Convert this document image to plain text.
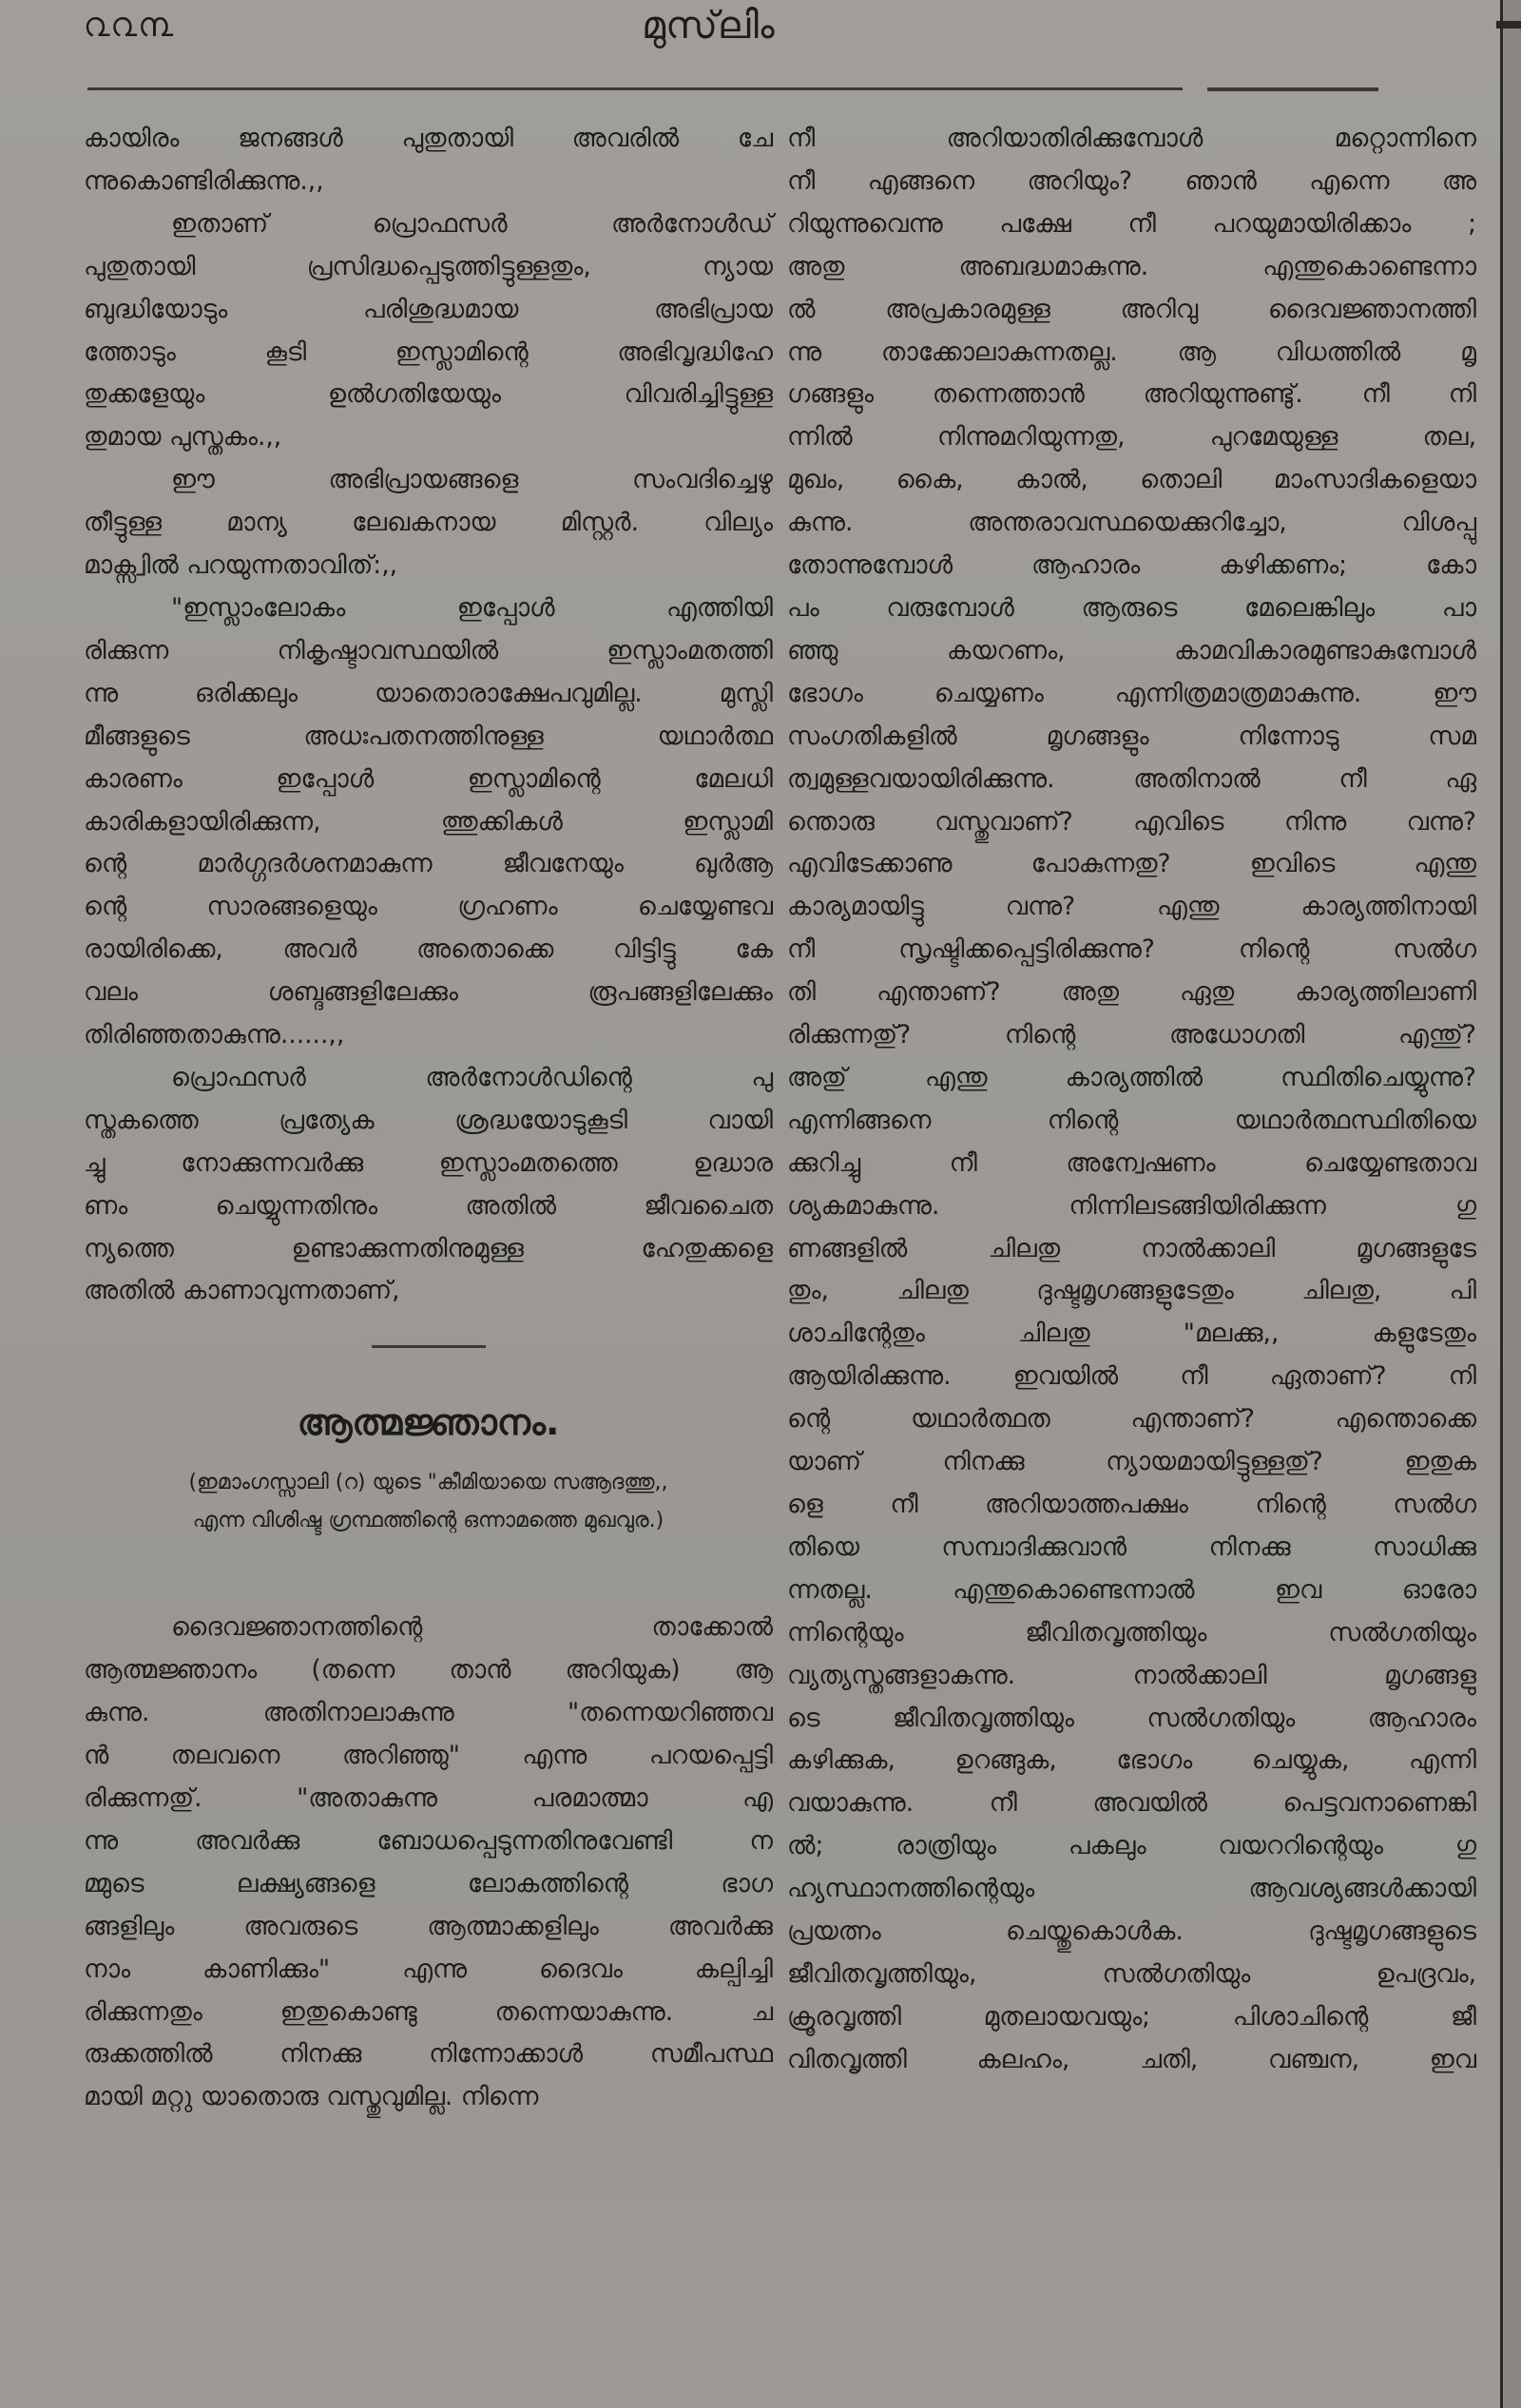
൨൨൩	മുസ്‌ലിം
കായിരം ജനങ്ങൾ പുതുതായി അവരിൽ ചേ
ന്നുകൊണ്ടിരിക്കുന്നു.,,
ഇതാണ് പ്രൊഫസർ അർനോൾഡ്
പുതുതായി പ്രസിദ്ധപ്പെടുത്തിട്ടുള്ളതും, ന്യായ
ബുദ്ധിയോടും പരിശുദ്ധമായ അഭിപ്രായ
ത്തോടും കൂടി ഇസ്ലാമിന്റെ അഭിവൃദ്ധിഹേ
തുക്കളേയും ഉൽഗതിയേയും വിവരിച്ചിട്ടുള്ള
തുമായ പുസ്തകം.,,
ഈ അഭിപ്രായങ്ങളെ സംവദിച്ചെഴു
തീട്ടുള്ള മാന്യ ലേഖകനായ മിസ്റ്റർ. വില്യം
മാക്സ്വിൽ പറയുന്നതാവിത്:,,
"ഇസ്ലാംലോകം ഇപ്പോൾ എത്തിയി
രിക്കുന്ന നികൃഷ്ടാവസ്ഥയിൽ ഇസ്ലാംമതത്തി
ന്നു ഒരിക്കലും യാതൊരാക്ഷേപവുമില്ല. മുസ്ലി
മീങ്ങളുടെ അധഃപതനത്തിനുള്ള യഥാർത്ഥ
കാരണം ഇപ്പോൾ ഇസ്ലാമിന്റെ മേലധി
കാരികളായിരിക്കുന്ന, ത്തുക്കികൾ ഇസ്ലാമി
ന്റെ മാർഗ്ഗദർശനമാകുന്ന ജീവനേയും ഖുർആ
ന്റെ സാരങ്ങളെയും ഗ്രഹണം ചെയ്യേണ്ടവ
രായിരിക്കെ, അവർ അതൊക്കെ വിട്ടിട്ടു കേ
വലം ശബ്ദങ്ങളിലേക്കും രൂപങ്ങളിലേക്കും
തിരിഞ്ഞതാകുന്നു......,,
പ്രൊഫസർ അർനോൾഡിന്റെ പു
സ്തകത്തെ പ്രത്യേക ശ്രദ്ധയോടുകൂടി വായി
ച്ചു നോക്കുന്നവർക്കു ഇസ്ലാംമതത്തെ ഉദ്ധാര
ണം ചെയ്യുന്നതിനും അതിൽ ജീവചൈത
ന്യത്തെ ഉണ്ടാക്കുന്നതിനുമുള്ള ഹേതുക്കളെ
അതിൽ കാണാവുന്നതാണ്,
ആത്മജ്ഞാനം.
(ഇമാംഗസ്സാലി (റ) യുടെ "കീമിയായെ സആദത്തു,,
എന്ന വിശിഷ്ട ഗ്രന്ഥത്തിന്റെ ഒന്നാമത്തെ മുഖവുര.)
ദൈവജ്ഞാനത്തിന്റെ താക്കോൽ
ആത്മജ്ഞാനം (തന്നെ താൻ അറിയുക) ആ
കുന്നു. അതിനാലാകുന്നു "തന്നെയറിഞ്ഞവ
ൻ തലവനെ അറിഞ്ഞു" എന്നു പറയപ്പെട്ടി
രിക്കുന്നതു്. "അതാകുന്നു പരമാത്മാ എ
ന്നു അവർക്കു ബോധപ്പെടുന്നതിനുവേണ്ടി ന
മ്മുടെ ലക്ഷ്യങ്ങളെ ലോകത്തിന്റെ ഭാഗ
ങ്ങളിലും അവരുടെ ആത്മാക്കളിലും അവർക്കു
നാം കാണിക്കും" എന്നു ദൈവം കല്പിച്ചി
രിക്കുന്നതും ഇതുകൊണ്ടു തന്നെയാകുന്നു. ച
രുക്കത്തിൽ നിനക്കു നിന്നോക്കാൾ സമീപസ്ഥ
മായി മറ്റു യാതൊരു വസ്തുവുമില്ല. നിന്നെ
നീ അറിയാതിരിക്കുമ്പോൾ മറ്റൊന്നിനെ
നീ എങ്ങനെ അറിയും? ഞാൻ എന്നെ അ
റിയുന്നുവെന്നു പക്ഷേ നീ പറയുമായിരിക്കാം ;
അതു അബദ്ധമാകുന്നു. എന്തുകൊണ്ടെന്നാ
ൽ അപ്രകാരമുള്ള അറിവു ദൈവജ്ഞാനത്തി
ന്നു താക്കോലാകുന്നതല്ല. ആ വിധത്തിൽ മൃ
ഗങ്ങളും തന്നെത്താൻ അറിയുന്നുണ്ടു്. നീ നി
ന്നിൽ നിന്നുമറിയുന്നതു, പുറമേയുള്ള തല,
മുഖം, കൈ, കാൽ, തൊലി മാംസാദികളെയാ
കുന്നു. അന്തരാവസ്ഥയെക്കുറിച്ചോ, വിശപ്പു
തോന്നുമ്പോൾ ആഹാരം കഴിക്കണം; കോ
പം വരുമ്പോൾ ആരുടെ മേലെങ്കിലും പാ
ഞ്ഞു കയറണം, കാമവികാരമുണ്ടാകുമ്പോൾ
ഭോഗം ചെയ്യണം എന്നിത്രമാത്രമാകുന്നു. ഈ
സംഗതികളിൽ മൃഗങ്ങളും നിന്നോടു സമ
ത്വമുള്ളവയായിരിക്കുന്നു. അതിനാൽ നീ ഏ
ന്തൊരു വസ്തുവാണ്? എവിടെ നിന്നു വന്നു?
എവിടേക്കാണു പോകുന്നതു? ഇവിടെ എന്തു
കാര്യമായിട്ടു വന്നു? എന്തു കാര്യത്തിനായി
നീ സൃഷ്ടിക്കപ്പെട്ടിരിക്കുന്നു? നിന്റെ സൽഗ
തി എന്താണ്? അതു ഏതു കാര്യത്തിലാണി
രിക്കുന്നതു്? നിന്റെ അധോഗതി എന്തു്?
അതു് എന്തു കാര്യത്തിൽ സ്ഥിതിചെയ്യുന്നു?
എന്നിങ്ങനെ നിന്റെ യഥാർത്ഥസ്ഥിതിയെ
ക്കുറിച്ചു നീ അന്വേഷണം ചെയ്യേണ്ടതാവ
ശ്യകമാകുന്നു. നിന്നിലടങ്ങിയിരിക്കുന്ന ഗു
ണങ്ങളിൽ ചിലതു നാൽക്കാലി മൃഗങ്ങളുടേ
തും, ചിലതു ദുഷ്ടമൃഗങ്ങളുടേതും ചിലതു, പി
ശാചിന്റേതും ചിലതു "മലക്കു,, കളുടേതും
ആയിരിക്കുന്നു. ഇവയിൽ നീ ഏതാണ്? നി
ന്റെ യഥാർത്ഥത എന്താണ്? എന്തൊക്കെ
യാണ് നിനക്കു ന്യായമായിട്ടുള്ളതു്? ഇതുക
ളെ നീ അറിയാത്തപക്ഷം നിന്റെ സൽഗ
തിയെ സമ്പാദിക്കുവാൻ നിനക്കു സാധിക്കു
ന്നതല്ല. എന്തുകൊണ്ടെന്നാൽ ഇവ ഓരോ
ന്നിന്റെയും ജീവിതവൃത്തിയും സൽഗതിയും
വ്യത്യസ്തങ്ങളാകുന്നു. നാൽക്കാലി മൃഗങ്ങളു
ടെ ജീവിതവൃത്തിയും സൽഗതിയും ആഹാരം
കഴിക്കുക, ഉറങ്ങുക, ഭോഗം ചെയ്യുക, എന്നി
വയാകുന്നു. നീ അവയിൽ പെട്ടവനാണെങ്കി
ൽ; രാത്രിയും പകലും വയററിന്റെയും ഗു
ഹ്യസ്ഥാനത്തിന്റെയും ആവശ്യങ്ങൾക്കായി
പ്രയത്നം ചെയ്തുകൊൾക. ദുഷ്ടമൃഗങ്ങളുടെ
ജീവിതവൃത്തിയും, സൽഗതിയും ഉപദ്രവം,
ക്രൂരവൃത്തി മുതലായവയും; പിശാചിന്റെ ജീ
വിതവൃത്തി കലഹം, ചതി, വഞ്ചന, ഇവ
